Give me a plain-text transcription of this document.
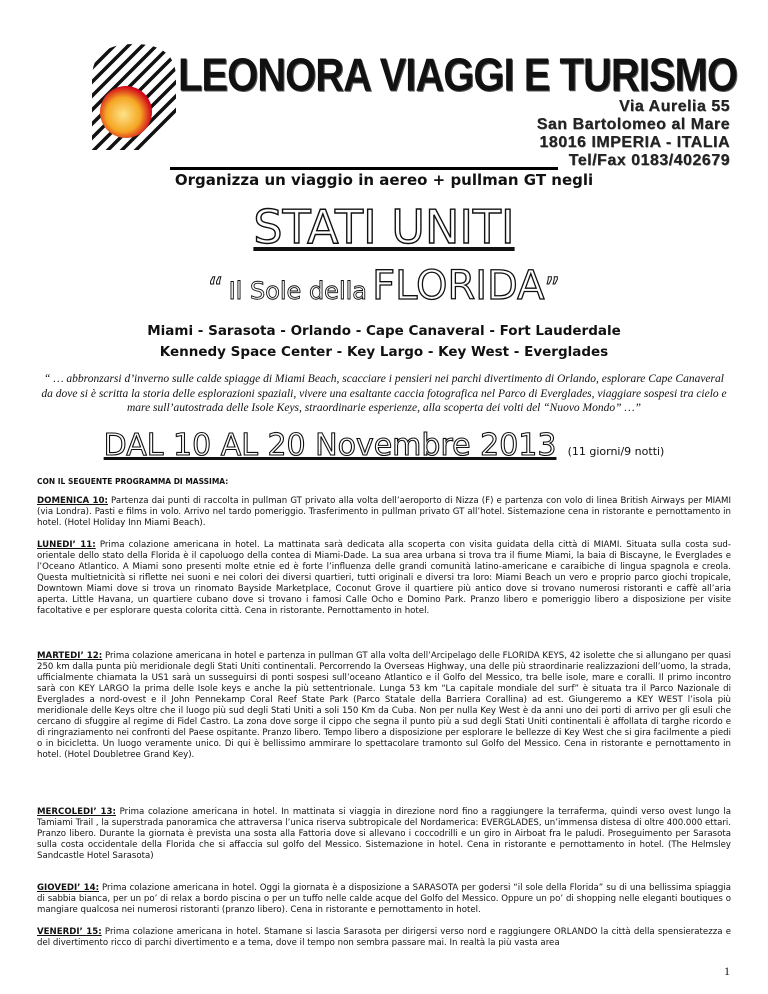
LEONORA VIAGGI E TURISMO
Via Aurelia 55
San Bartolomeo al Mare
18016 IMPERIA - ITALIA
Tel/Fax 0183/402679
Organizza un viaggio in aereo + pullman GT negli
STATI UNITI
“ Il Sole della FLORIDA”
Miami - Sarasota - Orlando - Cape Canaveral - Fort Lauderdale
Kennedy Space Center - Key Largo - Key West - Everglades
“ … abbronzarsi d’inverno sulle calde spiagge di Miami Beach, scacciare i pensieri nei parchi divertimento di Orlando, esplorare Cape Canaveral da dove si è scritta la storia delle esplorazioni spaziali, vivere una esaltante caccia fotografica nel Parco di Everglades, viaggiare sospesi tra cielo e mare sull’autostrada delle Isole Keys, straordinarie esperienze, alla scoperta dei volti del “Nuovo Mondo” …”
DAL 10 AL 20 Novembre 2013 (11 giorni/9 notti)
CON IL SEGUENTE PROGRAMMA DI MASSIMA:

DOMENICA 10: Partenza dai punti di raccolta in pullman GT privato alla volta dell’aeroporto di Nizza (F) e partenza con volo di linea British Airways per MIAMI (via Londra). Pasti e films in volo. Arrivo nel tardo pomeriggio. Trasferimento in pullman privato GT all’hotel. Sistemazione cena in ristorante e pernottamento in hotel. (Hotel Holiday Inn Miami Beach).

LUNEDI’ 11: Prima colazione americana in hotel. La mattinata sarà dedicata alla scoperta con visita guidata della città di MIAMI. Situata sulla costa sud-orientale dello stato della Florida è il capoluogo della contea di Miami-Dade. La sua area urbana si trova tra il fiume Miami, la baia di Biscayne, le Everglades e l’Oceano Atlantico. A Miami sono presenti molte etnie ed è forte l’influenza delle grandi comunità latino-americane e caraibiche di lingua spagnola e creola. Questa multietnicità si riflette nei suoni e nei colori dei diversi quartieri, tutti originali e diversi tra loro: Miami Beach un vero e proprio parco giochi tropicale, Downtown Miami dove si trova un rinomato Bayside Marketplace, Coconut Grove il quartiere più antico dove si trovano numerosi ristoranti e caffè all’aria aperta. Little Havana, un quartiere cubano dove si trovano i famosi Calle Ocho e Domino Park. Pranzo libero e pomeriggio libero a disposizione per visite facoltative e per esplorare questa colorita città. Cena in ristorante. Pernottamento in hotel.

MARTEDI’ 12: Prima colazione americana in hotel e partenza in pullman GT alla volta dell’Arcipelago delle FLORIDA KEYS, 42 isolette che si allungano per quasi 250 km dalla punta più meridionale degli Stati Uniti continentali. Percorrendo la Overseas Highway, una delle più straordinarie realizzazioni dell’uomo, la strada, ufficialmente chiamata la US1 sarà un susseguirsi di ponti sospesi sull’oceano Atlantico e il Golfo del Messico, tra belle isole, mare e coralli. Il primo incontro sarà con KEY LARGO la prima delle Isole keys e anche la più settentrionale. Lunga 53 km “La capitale mondiale del surf” è situata tra il Parco Nazionale di Everglades a nord-ovest e il John Pennekamp Coral Reef State Park (Parco Statale della Barriera Corallina) ad est. Giungeremo a KEY WEST l’isola più meridionale delle Keys oltre che il luogo più sud degli Stati Uniti a soli 150 Km da Cuba. Non per nulla Key West è da anni uno dei porti di arrivo per gli esuli che cercano di sfuggire al regime di Fidel Castro. La zona dove sorge il cippo che segna il punto più a sud degli Stati Uniti continentali è affollata di targhe ricordo e di ringraziamento nei confronti del Paese ospitante. Pranzo libero. Tempo libero a disposizione per esplorare le bellezze di Key West che si gira facilmente a piedi o in bicicletta. Un luogo veramente unico. Di qui è bellissimo ammirare lo spettacolare tramonto sul Golfo del Messico. Cena in ristorante e pernottamento in hotel. (Hotel Doubletree Grand Key).

MERCOLEDI’ 13: Prima colazione americana in hotel. In mattinata si viaggia in direzione nord fino a raggiungere la terraferma, quindi verso ovest lungo la Tamiami Trail , la superstrada panoramica che attraversa l’unica riserva subtropicale del Nordamerica: EVERGLADES, un’immensa distesa di oltre 400.000 ettari. Pranzo libero. Durante la giornata è prevista una sosta alla Fattoria dove si allevano i coccodrilli e un giro in Airboat fra le paludi. Proseguimento per Sarasota sulla costa occidentale della Florida che si affaccia sul golfo del Messico. Sistemazione in hotel. Cena in ristorante e pernottamento in hotel. (The Helmsley Sandcastle Hotel Sarasota)

GIOVEDI’ 14: Prima colazione americana in hotel. Oggi la giornata è a disposizione a SARASOTA per godersi “il sole della Florida” su di una bellissima spiaggia di sabbia bianca, per un po’ di relax a bordo piscina o per un tuffo nelle calde acque del Golfo del Messico. Oppure un po’ di shopping nelle eleganti boutiques o mangiare qualcosa nei numerosi ristoranti (pranzo libero). Cena in ristorante e pernottamento in hotel.

VENERDI’ 15: Prima colazione americana in hotel. Stamane si lascia Sarasota per dirigersi verso nord e raggiungere ORLANDO la città della spensieratezza e del divertimento ricco di parchi divertimento e a tema, dove il tempo non sembra passare mai. In realtà la più vasta area

1
